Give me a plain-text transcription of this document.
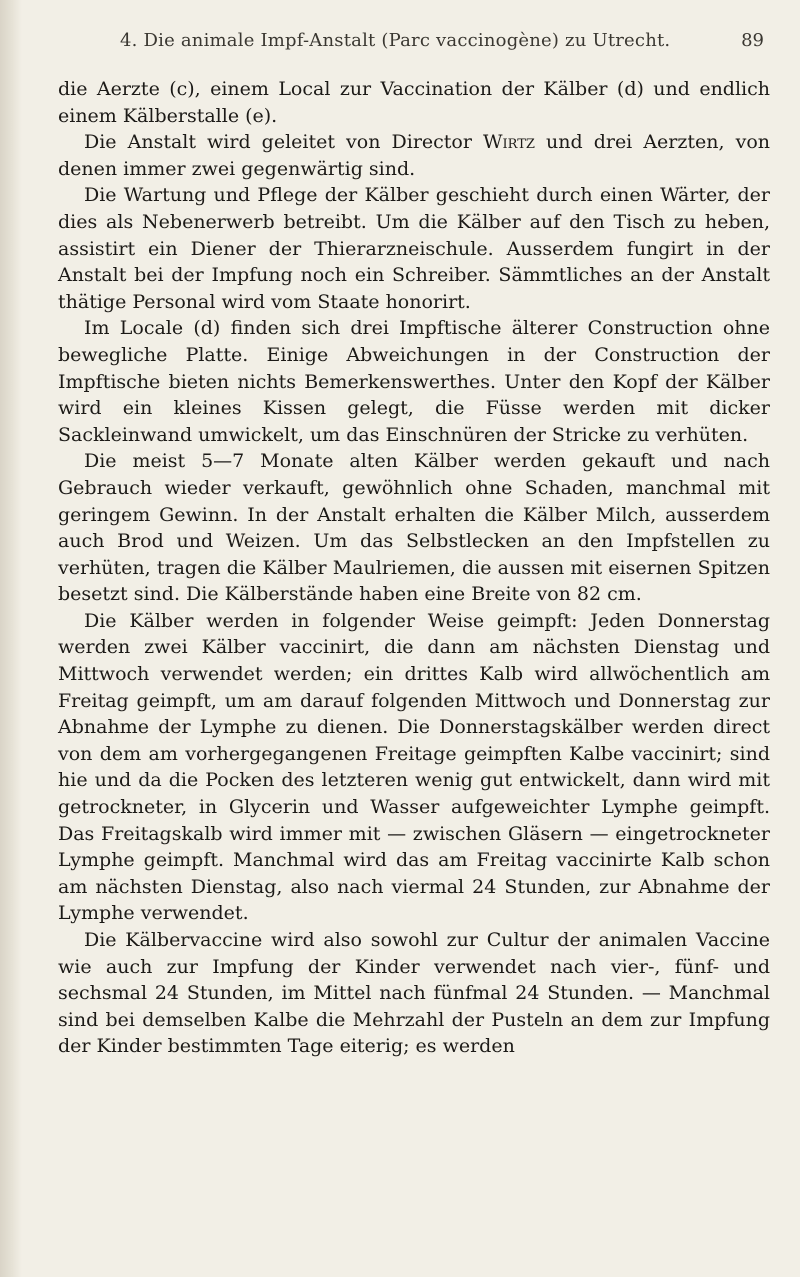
4. Die animale Impf-Anstalt (Parc vaccinogène) zu Utrecht.	89

die Aerzte (c), einem Local zur Vaccination der Kälber (d) und endlich einem Kälberstalle (e).

Die Anstalt wird geleitet von Director Wirtz und drei Aerzten, von denen immer zwei gegenwärtig sind.

Die Wartung und Pflege der Kälber geschieht durch einen Wärter, der dies als Nebenerwerb betreibt. Um die Kälber auf den Tisch zu heben, assistirt ein Diener der Thierarzneischule. Ausserdem fungirt in der Anstalt bei der Impfung noch ein Schreiber. Sämmtliches an der Anstalt thätige Personal wird vom Staate honorirt.

Im Locale (d) finden sich drei Impftische älterer Construction ohne bewegliche Platte. Einige Abweichungen in der Construction der Impftische bieten nichts Bemerkenswerthes. Unter den Kopf der Kälber wird ein kleines Kissen gelegt, die Füsse werden mit dicker Sackleinwand umwickelt, um das Einschnüren der Stricke zu verhüten.

Die meist 5—7 Monate alten Kälber werden gekauft und nach Gebrauch wieder verkauft, gewöhnlich ohne Schaden, manchmal mit geringem Gewinn. In der Anstalt erhalten die Kälber Milch, ausserdem auch Brod und Weizen. Um das Selbstlecken an den Impfstellen zu verhüten, tragen die Kälber Maulriemen, die aussen mit eisernen Spitzen besetzt sind. Die Kälberstände haben eine Breite von 82 cm.

Die Kälber werden in folgender Weise geimpft: Jeden Donnerstag werden zwei Kälber vaccinirt, die dann am nächsten Dienstag und Mittwoch verwendet werden; ein drittes Kalb wird allwöchentlich am Freitag geimpft, um am darauf folgenden Mittwoch und Donnerstag zur Abnahme der Lymphe zu dienen. Die Donnerstagskälber werden direct von dem am vorhergegangenen Freitage geimpften Kalbe vaccinirt; sind hie und da die Pocken des letzteren wenig gut entwickelt, dann wird mit getrockneter, in Glycerin und Wasser aufgeweichter Lymphe geimpft. Das Freitagskalb wird immer mit — zwischen Gläsern — eingetrockneter Lymphe geimpft. Manchmal wird das am Freitag vaccinirte Kalb schon am nächsten Dienstag, also nach viermal 24 Stunden, zur Abnahme der Lymphe verwendet.

Die Kälbervaccine wird also sowohl zur Cultur der animalen Vaccine wie auch zur Impfung der Kinder verwendet nach vier-, fünf- und sechsmal 24 Stunden, im Mittel nach fünfmal 24 Stunden. — Manchmal sind bei demselben Kalbe die Mehrzahl der Pusteln an dem zur Impfung der Kinder bestimmten Tage eiterig; es werden
